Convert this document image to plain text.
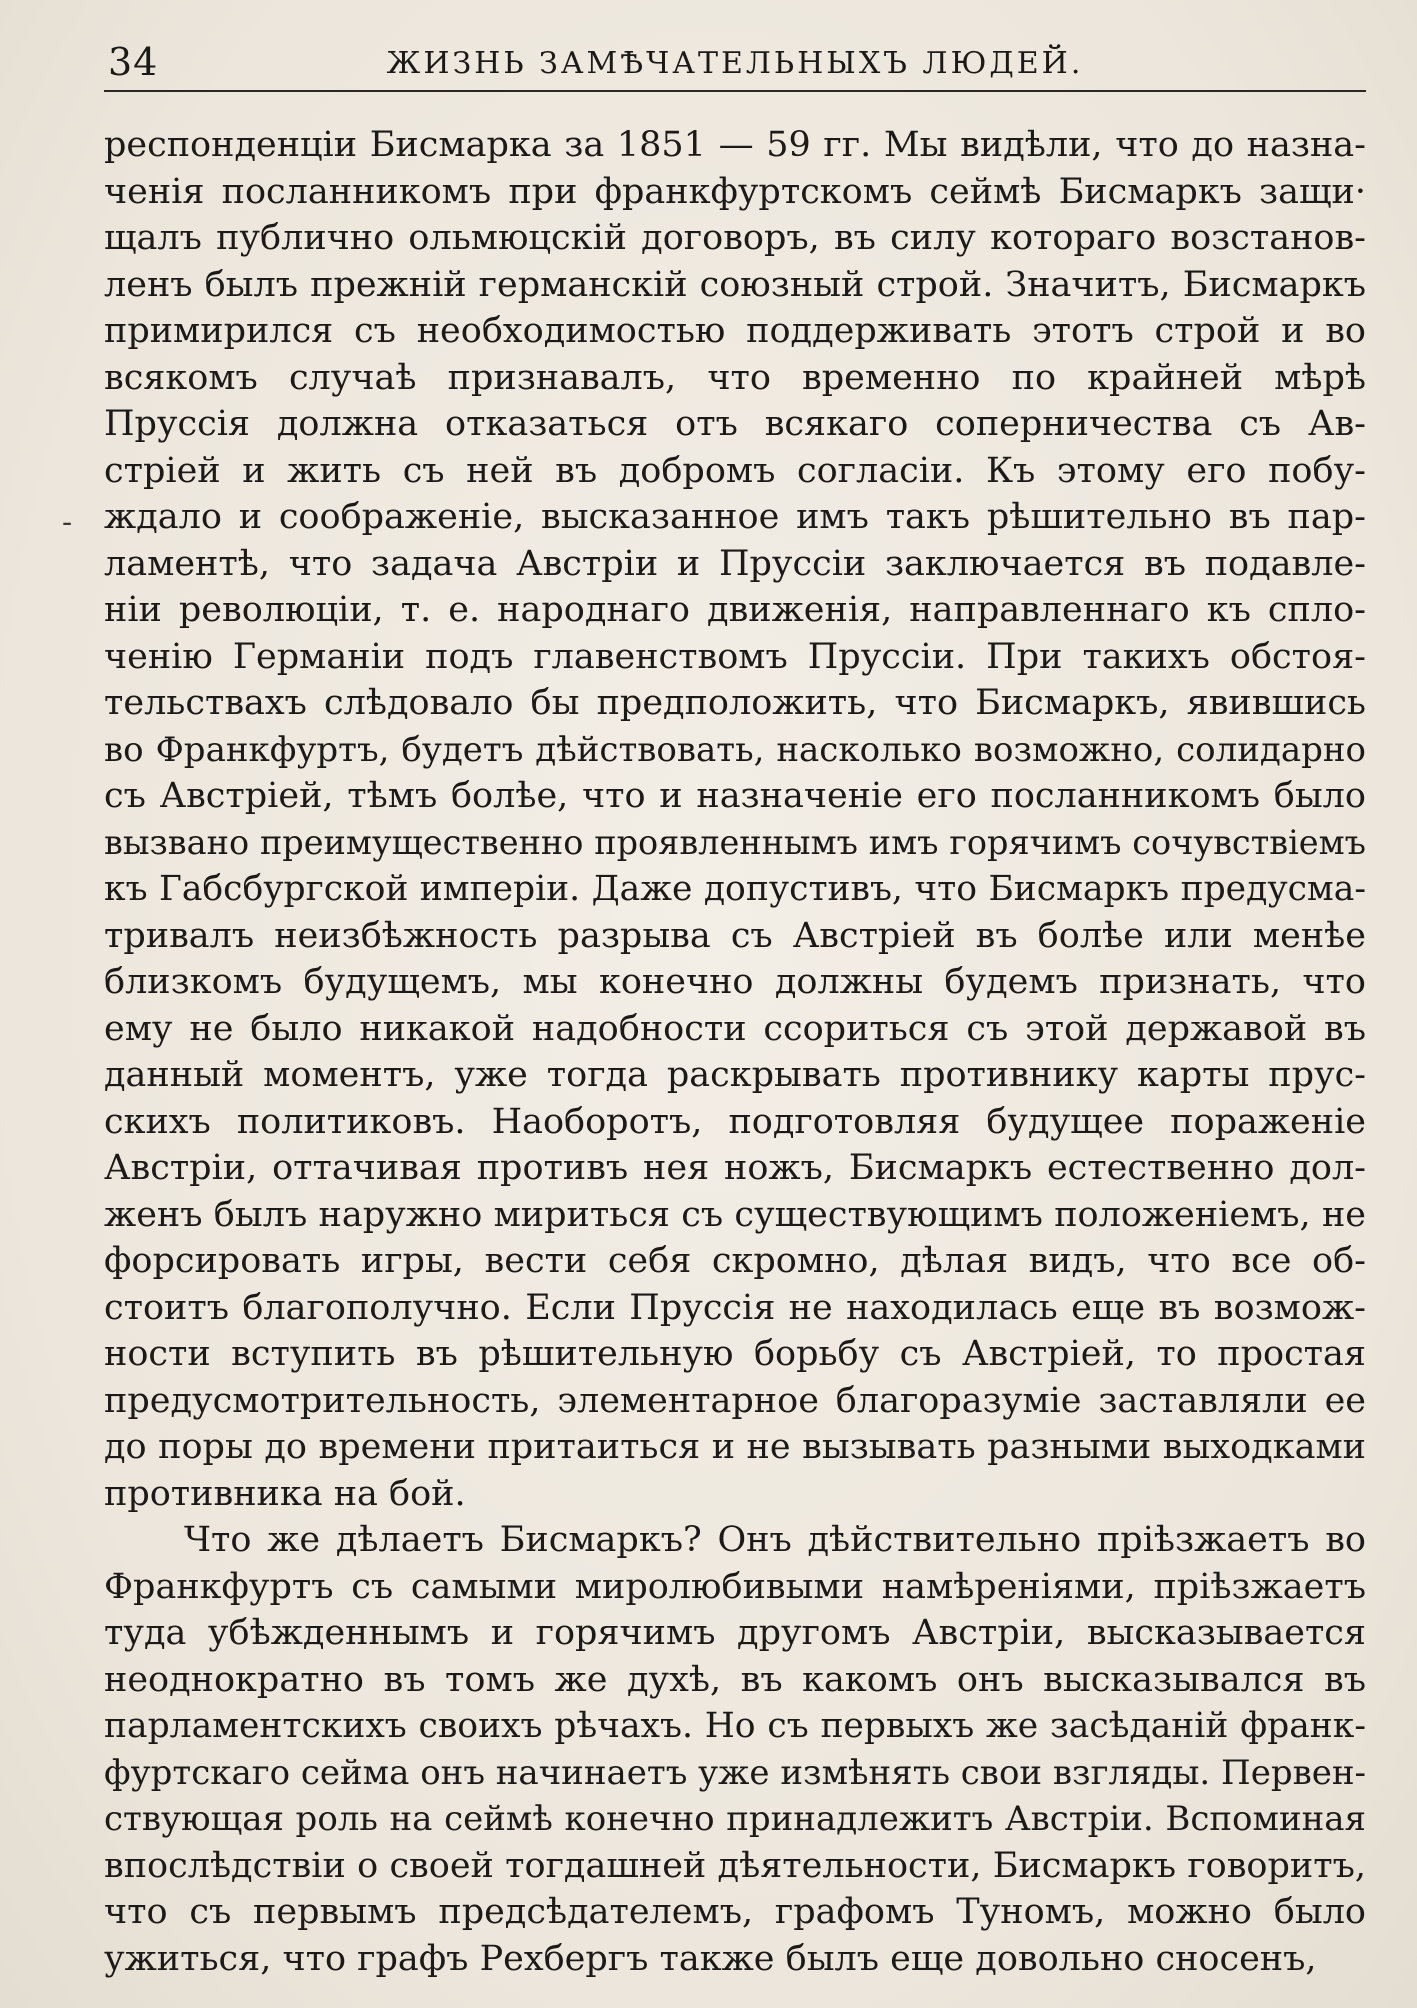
34	ЖИЗНЬ ЗАМѢЧАТЕЛЬНЫХЪ ЛЮДЕЙ.
-
респонденціи Бисмарка за 1851 — 59 гг. Мы видѣли, что до назна-
ченія посланникомъ при франкфуртскомъ сеймѣ Бисмаркъ защи·
щалъ публично ольмюцскій договоръ, въ силу котораго возстанов-
ленъ былъ прежній германскій союзный строй. Значитъ, Бисмаркъ
примирился съ необходимостью поддерживать этотъ строй и во
всякомъ случаѣ признавалъ, что временно по крайней мѣрѣ
Пруссія должна отказаться отъ всякаго соперничества съ Ав-
стріей и жить съ ней въ добромъ согласіи. Къ этому его побу-
ждало и соображеніе, высказанное имъ такъ рѣшительно въ пар-
ламентѣ, что задача Австріи и Пруссіи заключается въ подавле-
ніи революціи, т. е. народнаго движенія, направленнаго къ спло-
ченію Германіи подъ главенствомъ Пруссіи. При такихъ обстоя-
тельствахъ слѣдовало бы предположить, что Бисмаркъ, явившись
во Франкфуртъ, будетъ дѣйствовать, насколько возможно, солидарно
съ Австріей, тѣмъ болѣе, что и назначеніе его посланникомъ было
вызвано преимущественно проявленнымъ имъ горячимъ сочувствіемъ
къ Габсбургской имперіи. Даже допустивъ, что Бисмаркъ предусма-
тривалъ неизбѣжность разрыва съ Австріей въ болѣе или менѣе
близкомъ будущемъ, мы конечно должны будемъ признать, что
ему не было никакой надобности ссориться съ этой державой въ
данный моментъ, уже тогда раскрывать противнику карты прус-
скихъ политиковъ. Наоборотъ, подготовляя будущее пораженіе
Австріи, оттачивая противъ нея ножъ, Бисмаркъ естественно дол-
женъ былъ наружно мириться съ существующимъ положеніемъ, не
форсировать игры, вести себя скромно, дѣлая видъ, что все об-
стоитъ благополучно. Если Пруссія не находилась еще въ возмож-
ности вступить въ рѣшительную борьбу съ Австріей, то простая
предусмотрительность, элементарное благоразуміе заставляли ее
до поры до времени притаиться и не вызывать разными выходками
противника на бой.
Что же дѣлаетъ Бисмаркъ? Онъ дѣйствительно пріѣзжаетъ во
Франкфуртъ съ самыми миролюбивыми намѣреніями, пріѣзжаетъ
туда убѣжденнымъ и горячимъ другомъ Австріи, высказывается
неоднократно въ томъ же духѣ, въ какомъ онъ высказывался въ
парламентскихъ своихъ рѣчахъ. Но съ первыхъ же засѣданій франк-
фуртскаго сейма онъ начинаетъ уже измѣнять свои взгляды. Первен-
ствующая роль на сеймѣ конечно принадлежитъ Австріи. Вспоминая
впослѣдствіи о своей тогдашней дѣятельности, Бисмаркъ говоритъ,
что съ первымъ предсѣдателемъ, графомъ Туномъ, можно было
ужиться, что графъ Рехбергъ также былъ еще довольно сносенъ,
